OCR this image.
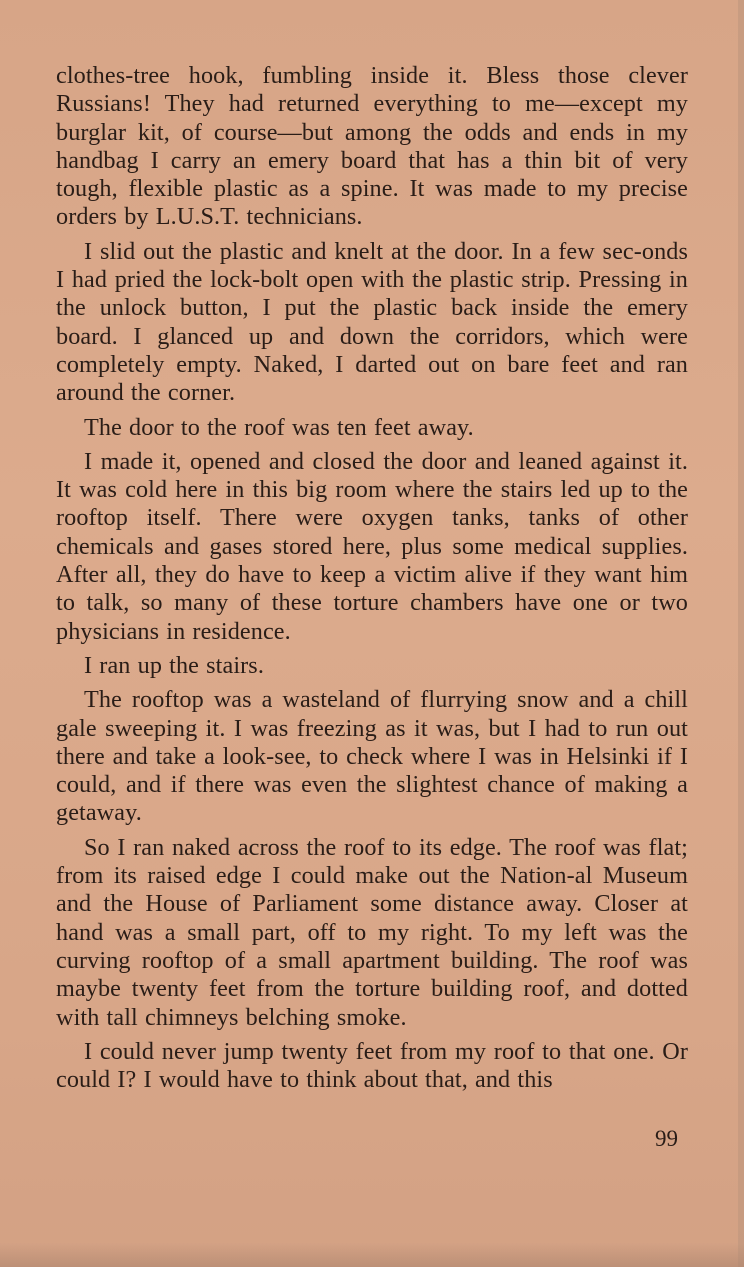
clothes-tree hook, fumbling inside it. Bless those clever Russians! They had returned everything to me—except my burglar kit, of course—but among the odds and ends in my handbag I carry an emery board that has a thin bit of very tough, flexible plastic as a spine. It was made to my precise orders by L.U.S.T. technicians.

I slid out the plastic and knelt at the door. In a few sec-onds I had pried the lock-bolt open with the plastic strip. Pressing in the unlock button, I put the plastic back inside the emery board. I glanced up and down the corridors, which were completely empty. Naked, I darted out on bare feet and ran around the corner.

The door to the roof was ten feet away.

I made it, opened and closed the door and leaned against it. It was cold here in this big room where the stairs led up to the rooftop itself. There were oxygen tanks, tanks of other chemicals and gases stored here, plus some medical supplies. After all, they do have to keep a victim alive if they want him to talk, so many of these torture chambers have one or two physicians in residence.

I ran up the stairs.

The rooftop was a wasteland of flurrying snow and a chill gale sweeping it. I was freezing as it was, but I had to run out there and take a look-see, to check where I was in Helsinki if I could, and if there was even the slightest chance of making a getaway.

So I ran naked across the roof to its edge. The roof was flat; from its raised edge I could make out the Nation-al Museum and the House of Parliament some distance away. Closer at hand was a small part, off to my right. To my left was the curving rooftop of a small apartment building. The roof was maybe twenty feet from the torture building roof, and dotted with tall chimneys belching smoke.

I could never jump twenty feet from my roof to that one. Or could I? I would have to think about that, and this

99
